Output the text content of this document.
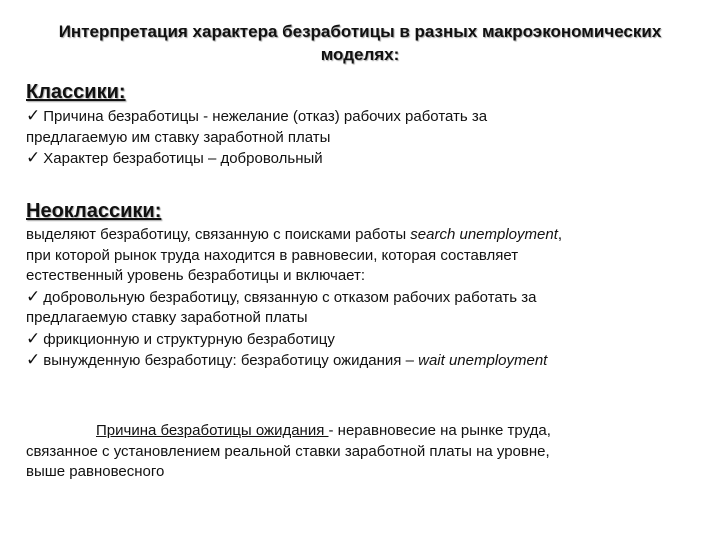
Интерпретация характера безработицы в разных макроэкономических
моделях:
Классики:
✓ Причина безработицы - нежелание (отказ) рабочих работать за
предлагаемую им ставку заработной платы
✓ Характер безработицы – добровольный
Неоклассики:
выделяют безработицу, связанную с поисками работы search unemployment,
при которой рынок труда находится в равновесии, которая составляет
естественный уровень безработицы и включает:
✓ добровольную безработицу, связанную с отказом рабочих работать за
предлагаемую ставку заработной платы
✓ фрикционную и структурную безработицу
✓ вынужденную безработицу: безработицу ожидания – wait unemployment
Причина безработицы ожидания - неравновесие на рынке труда,
связанное с установлением реальной ставки заработной платы на уровне,
выше равновесного
